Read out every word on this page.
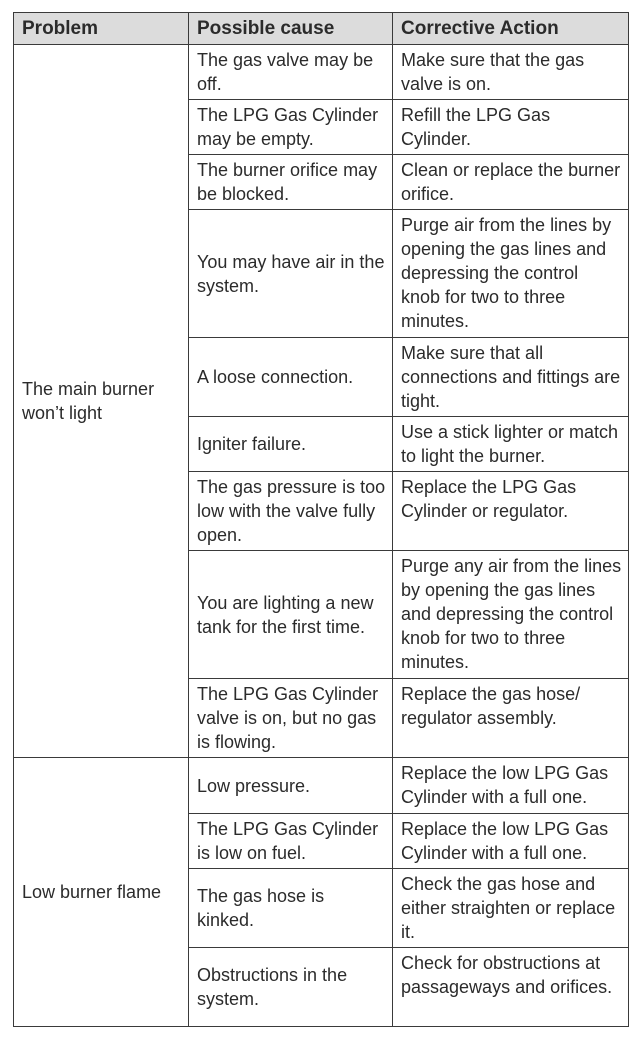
Problem	Possible cause	Corrective Action
The main burner won’t light	The gas valve may be off.	Make sure that the gas valve is on.
	The LPG Gas Cylinder may be empty.	Refill the LPG Gas Cylinder.
	The burner orifice may be blocked.	Clean or replace the burner orifice.
	You may have air in the system.	Purge air from the lines by opening the gas lines and depressing the control knob for two to three minutes.
	A loose connection.	Make sure that all connections and fittings are tight.
	Igniter failure.	Use a stick lighter or match to light the burner.
	The gas pressure is too low with the valve fully open.	Replace the LPG Gas Cylinder or regulator.
	You are lighting a new tank for the first time.	Purge any air from the lines by opening the gas lines and depressing the control knob for two to three minutes.
	The LPG Gas Cylinder valve is on, but no gas is flowing.	Replace the gas hose/ regulator assembly.
Low burner flame	Low pressure.	Replace the low LPG Gas Cylinder with a full one.
	The LPG Gas Cylinder is low on fuel.	Replace the low LPG Gas Cylinder with a full one.
	The gas hose is kinked.	Check the gas hose and either straighten or replace it.
	Obstructions in the system.	Check for obstructions at passageways and orifices.
